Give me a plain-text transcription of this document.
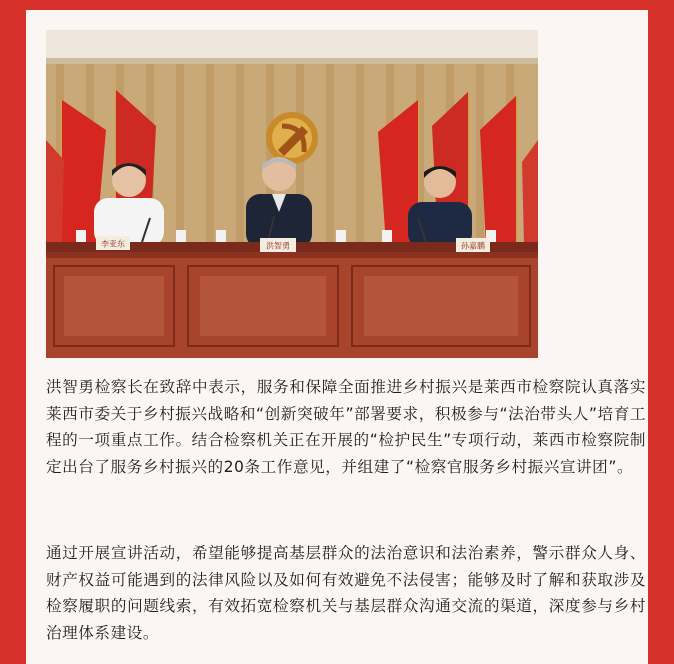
李亚东	洪智勇	孙嘉鹏

洪智勇检察长在致辞中表示，服务和保障全面推进乡村振兴是莱西市检察院认真落实莱西市委关于乡村振兴战略和“创新突破年”部署要求，积极参与“法治带头人”培育工程的一项重点工作。结合检察机关正在开展的“检护民生”专项行动，莱西市检察院制定出台了服务乡村振兴的20条工作意见，并组建了“检察官服务乡村振兴宣讲团”。

通过开展宣讲活动，希望能够提高基层群众的法治意识和法治素养，警示群众人身、财产权益可能遇到的法律风险以及如何有效避免不法侵害；能够及时了解和获取涉及检察履职的问题线索，有效拓宽检察机关与基层群众沟通交流的渠道，深度参与乡村治理体系建设。
